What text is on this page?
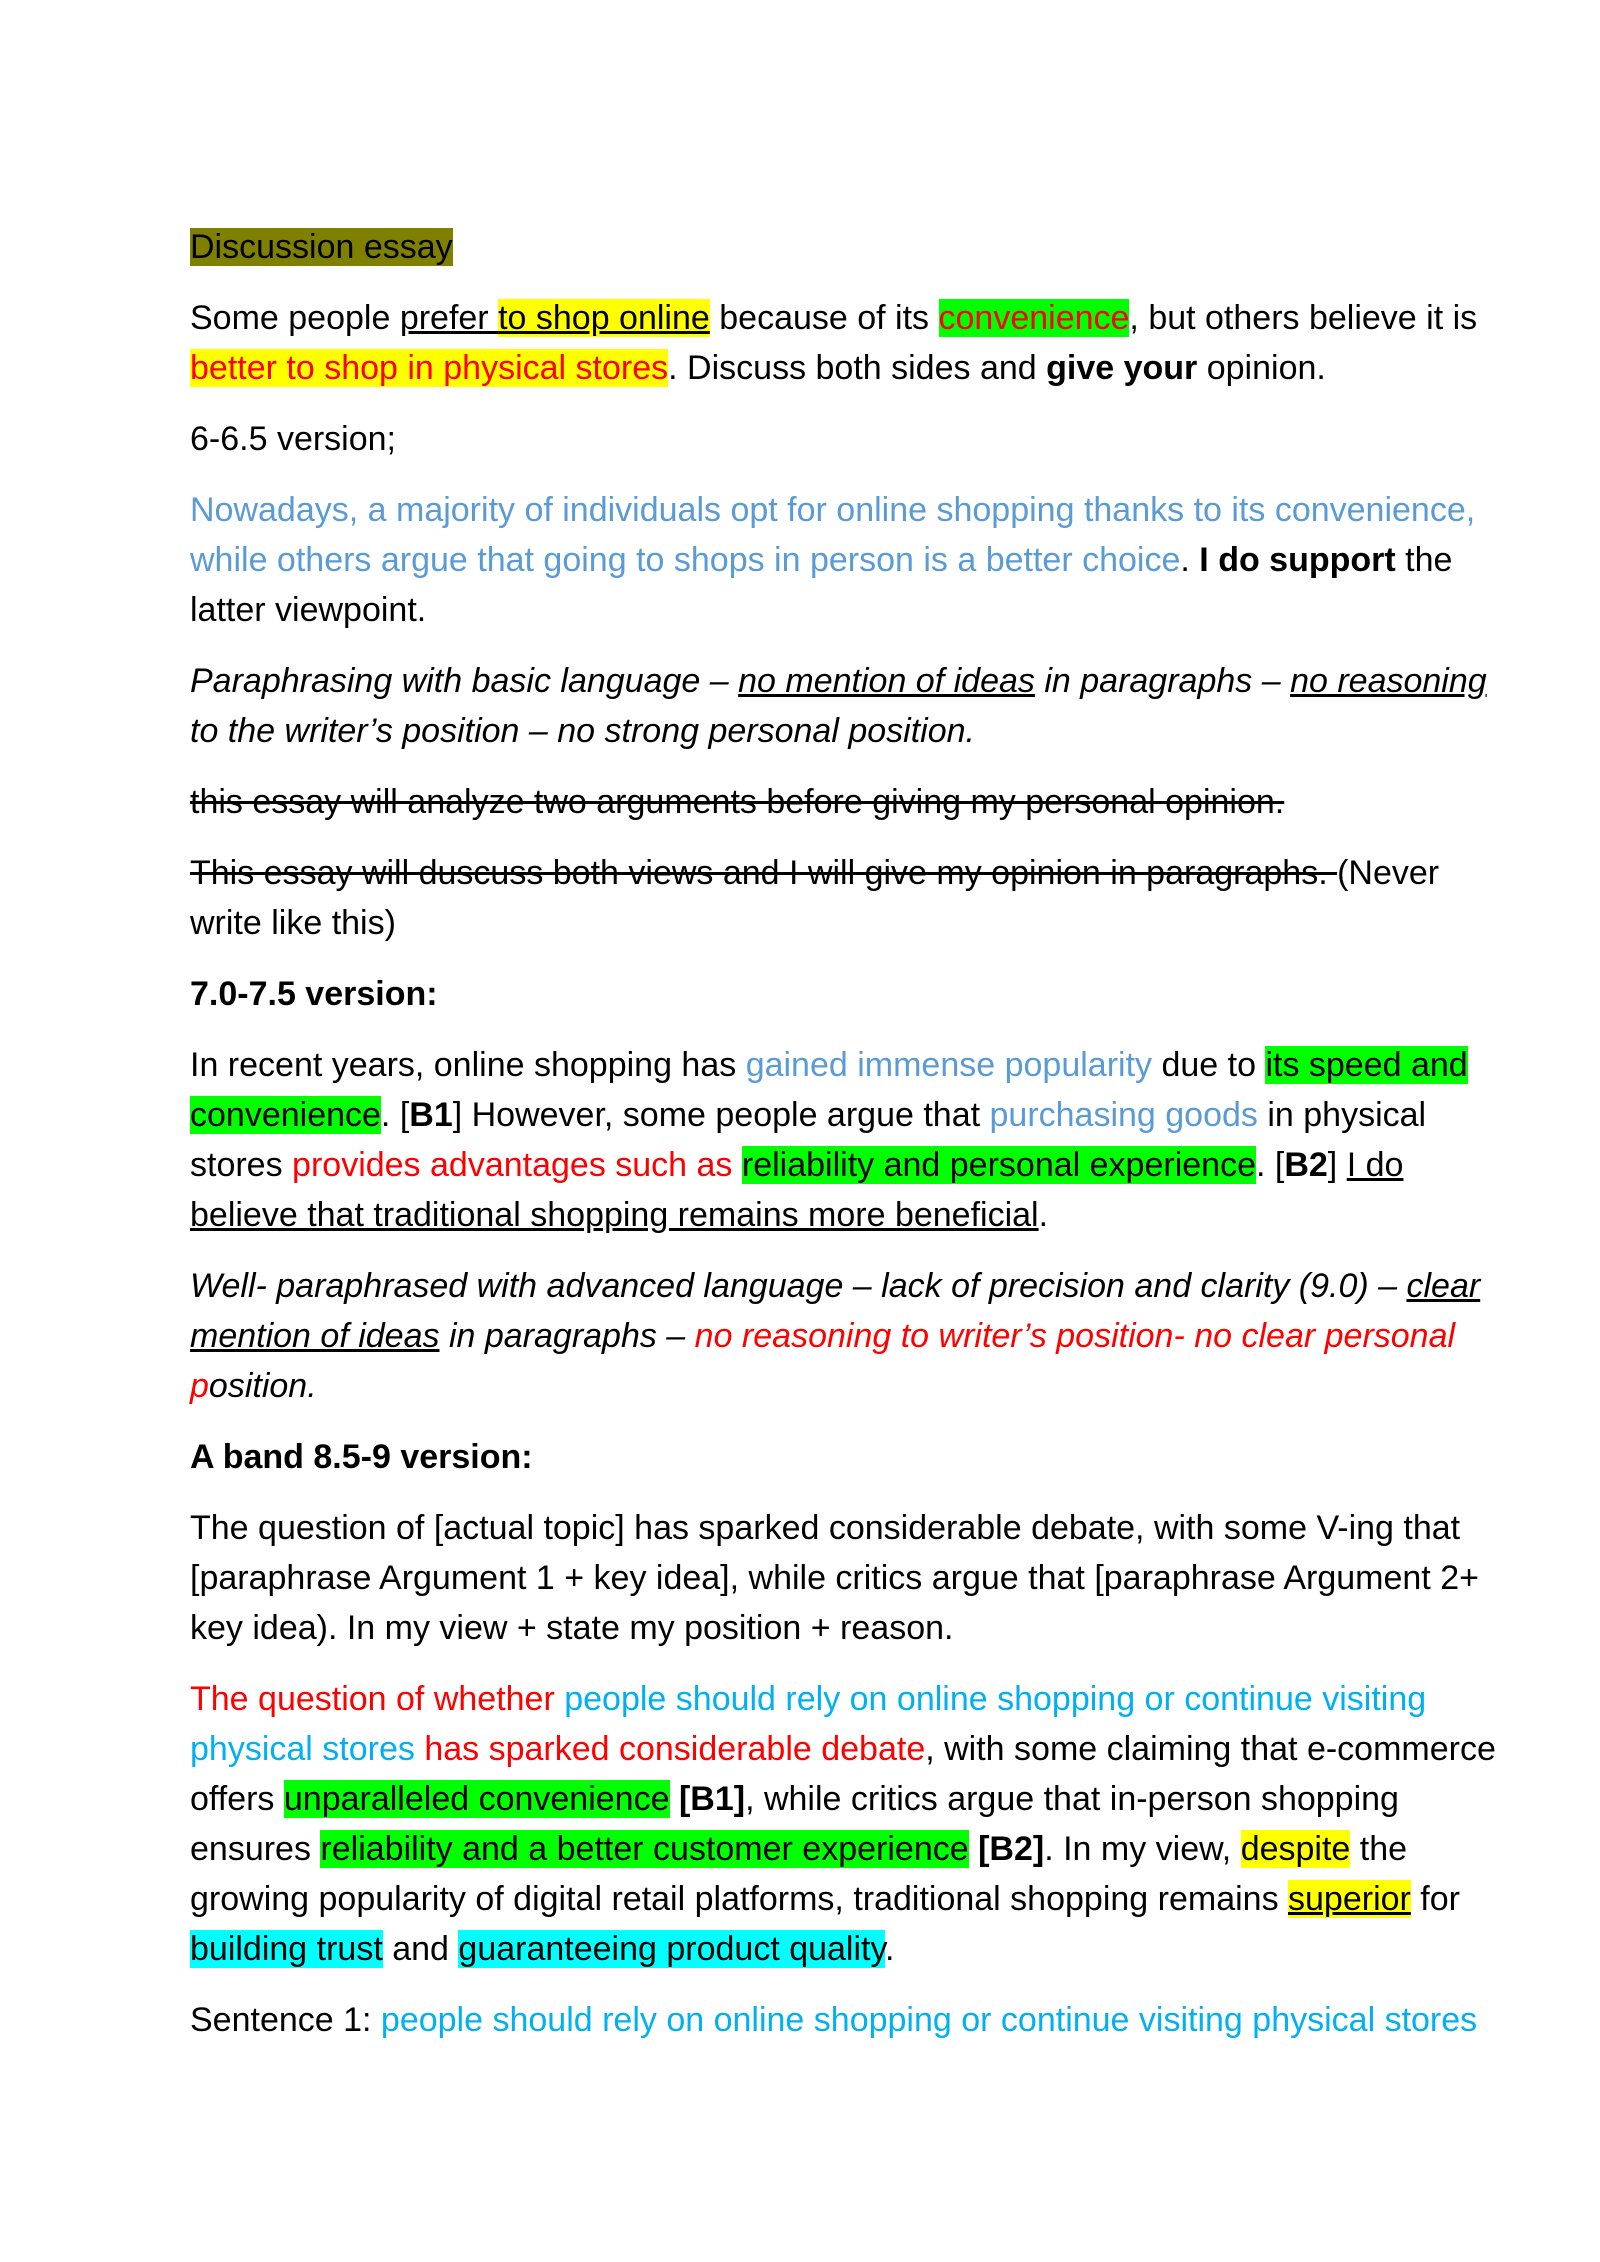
Discussion essay

Some people prefer to shop online because of its convenience, but others believe it is better to shop in physical stores. Discuss both sides and give your opinion.

6-6.5 version;

Nowadays, a majority of individuals opt for online shopping thanks to its convenience, while others argue that going to shops in person is a better choice. I do support the latter viewpoint.

Paraphrasing with basic language – no mention of ideas in paragraphs – no reasoning to the writer’s position – no strong personal position.

this essay will analyze two arguments before giving my personal opinion.

This essay will duscuss both views and I will give my opinion in paragraphs. (Never write like this)

7.0-7.5 version:

In recent years, online shopping has gained immense popularity due to its speed and convenience. [B1] However, some people argue that purchasing goods in physical stores provides advantages such as reliability and personal experience. [B2] I do believe that traditional shopping remains more beneficial.

Well- paraphrased with advanced language – lack of precision and clarity (9.0) – clear mention of ideas in paragraphs – no reasoning to writer’s position- no clear personal position.

A band 8.5-9 version:

The question of [actual topic] has sparked considerable debate, with some V-ing that [paraphrase Argument 1 + key idea], while critics argue that [paraphrase Argument 2+ key idea). In my view + state my position + reason.

The question of whether people should rely on online shopping or continue visiting physical stores has sparked considerable debate, with some claiming that e-commerce offers unparalleled convenience [B1], while critics argue that in-person shopping ensures reliability and a better customer experience [B2]. In my view, despite the growing popularity of digital retail platforms, traditional shopping remains superior for building trust and guaranteeing product quality.

Sentence 1: people should rely on online shopping or continue visiting physical stores
